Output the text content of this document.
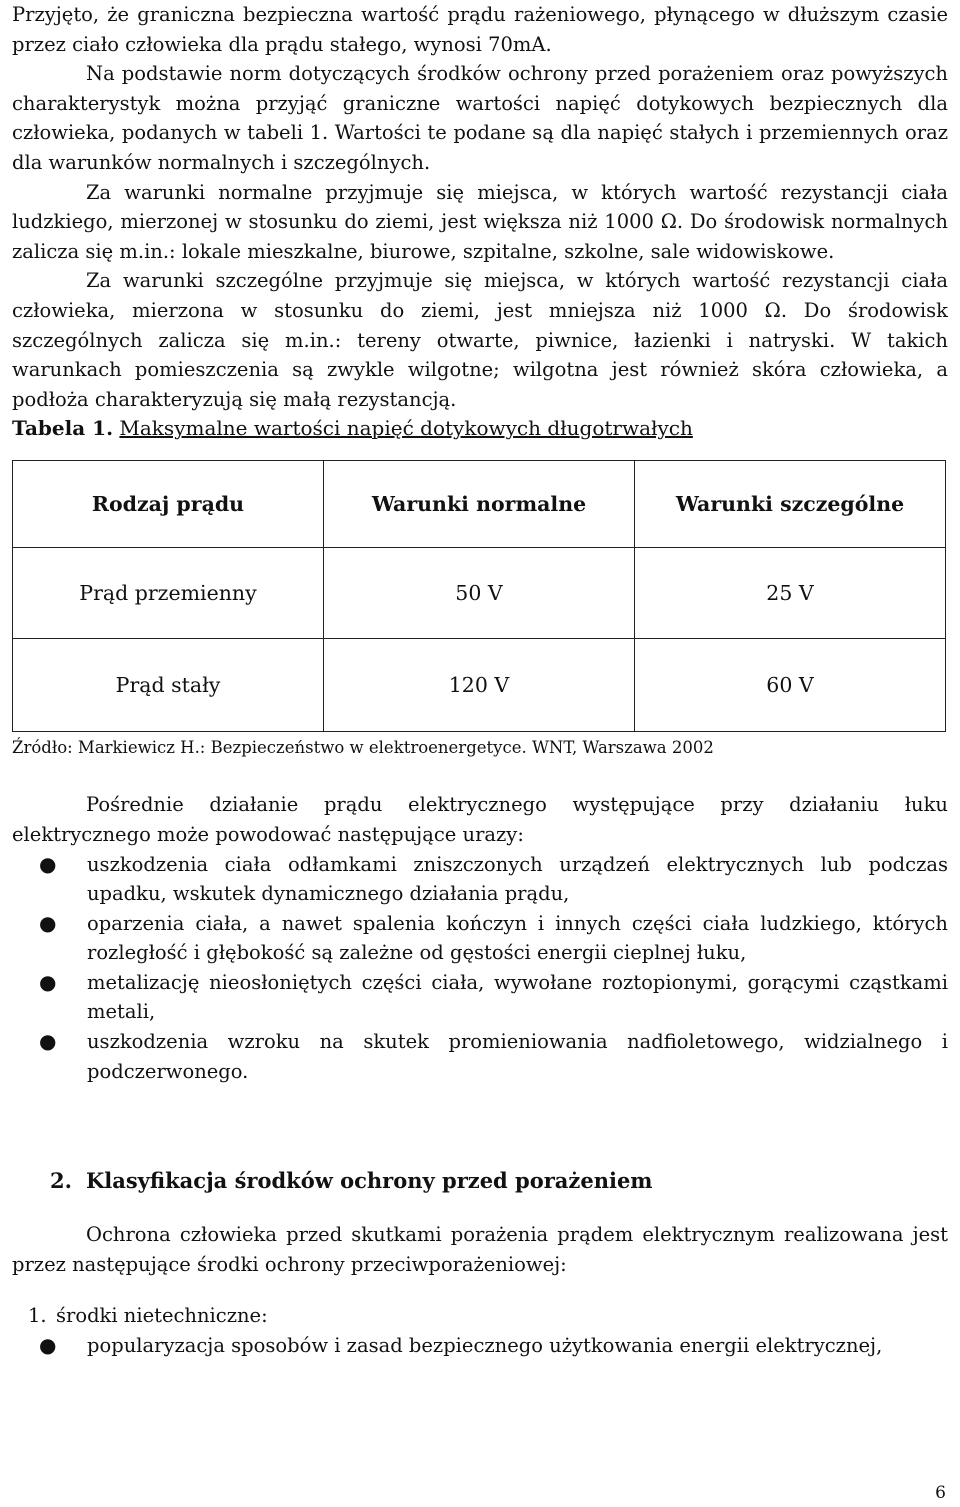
Przyjęto, że graniczna bezpieczna wartość prądu rażeniowego, płynącego w dłuższym czasie przez ciało człowieka dla prądu stałego, wynosi 70mA.

Na podstawie norm dotyczących środków ochrony przed porażeniem oraz powyższych charakterystyk można przyjąć graniczne wartości napięć dotykowych bezpiecznych dla człowieka, podanych w tabeli 1. Wartości te podane są dla napięć stałych i przemiennych oraz dla warunków normalnych i szczególnych.

Za warunki normalne przyjmuje się miejsca, w których wartość rezystancji ciała ludzkiego, mierzonej w stosunku do ziemi, jest większa niż 1000 Ω. Do środowisk normalnych zalicza się m.in.: lokale mieszkalne, biurowe, szpitalne, szkolne, sale widowiskowe.

Za warunki szczególne przyjmuje się miejsca, w których wartość rezystancji ciała człowieka, mierzona w stosunku do ziemi, jest mniejsza niż 1000 Ω. Do środowisk szczególnych zalicza się m.in.: tereny otwarte, piwnice, łazienki i natryski. W takich warunkach pomieszczenia są zwykle wilgotne; wilgotna jest również skóra człowieka, a podłoża charakteryzują się małą rezystancją.

Tabela 1. Maksymalne wartości napięć dotykowych długotrwałych
Rodzaj prądu	Warunki normalne	Warunki szczególne
Prąd przemienny	50 V	25 V
Prąd stały	120 V	60 V
Źródło: Markiewicz H.: Bezpieczeństwo w elektroenergetyce. WNT, Warszawa 2002

Pośrednie działanie prądu elektrycznego występujące przy działaniu łuku elektrycznego może powodować następujące urazy:

● uszkodzenia ciała odłamkami zniszczonych urządzeń elektrycznych lub podczas upadku, wskutek dynamicznego działania prądu,
● oparzenia ciała, a nawet spalenia kończyn i innych części ciała ludzkiego, których rozległość i głębokość są zależne od gęstości energii cieplnej łuku,
● metalizację nieosłoniętych części ciała, wywołane roztopionymi, gorącymi cząstkami metali,
● uszkodzenia wzroku na skutek promieniowania nadfioletowego, widzialnego i podczerwonego.
2. Klasyfikacja środków ochrony przed porażeniem

Ochrona człowieka przed skutkami porażenia prądem elektrycznym realizowana jest przez następujące środki ochrony przeciwporażeniowej:

1. środki nietechniczne:
● popularyzacja sposobów i zasad bezpiecznego użytkowania energii elektrycznej,
6
